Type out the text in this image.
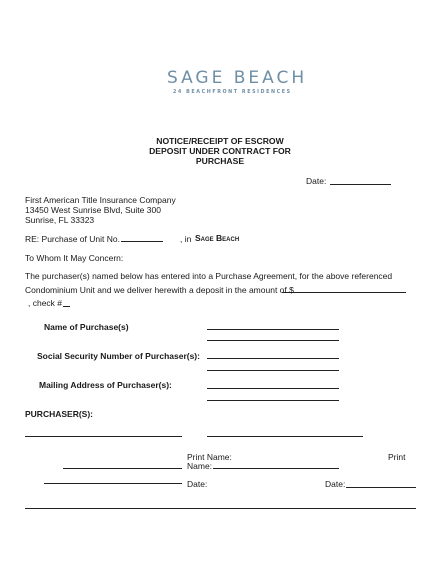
SAGE BEACH
24 BEACHFRONT RESIDENCES
NOTICE/RECEIPT OF ESCROW
DEPOSIT UNDER CONTRACT FOR
PURCHASE
Date:
First American Title Insurance Company
13450 West Sunrise Blvd, Suite 300
Sunrise, FL 33323
RE: Purchase of Unit No.	, in Sage Beach
To Whom It May Concern:
The purchaser(s) named below has entered into a Purchase Agreement, for the above referenced
Condominium Unit and we deliver herewith a deposit in the amount of $
, check #
Name of Purchase(s)
Social Security Number of Purchaser(s):
Mailing Address of Purchaser(s):
PURCHASER(S):
Print Name:	Print
Name:
Date:	Date:
